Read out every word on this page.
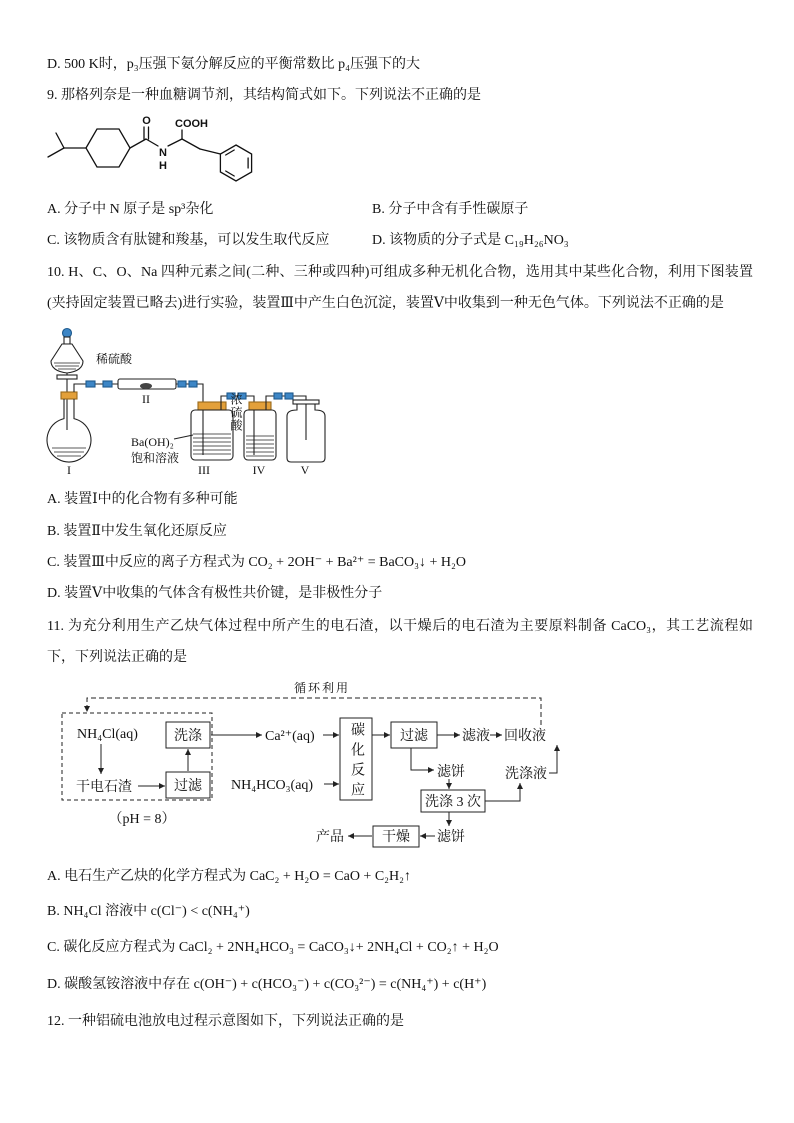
D. 500 K时，p₃压强下氨分解反应的平衡常数比 p₄压强下的大
9. 那格列奈是一种血糖调节剂，其结构简式如下。下列说法不正确的是
O
N
H
COOH
A. 分子中 N 原子是 sp³杂化	B. 分子中含有手性碳原子
C. 该物质含有肽键和羧基，可以发生取代反应	D. 该物质的分子式是 C₁₉H₂₆NO₃
10. H、C、O、Na 四种元素之间(二种、三种或四种)可组成多种无机化合物，选用其中某些化合物，利用下图装置(夹持固定装置已略去)进行实验，装置Ⅲ中产生白色沉淀，装置Ⅴ中收集到一种无色气体。下列说法不正确的是
稀硫酸
II
Ba(OH)₂
饱和溶液
I	III	IV	V
浓硫酸
A. 装置Ⅰ中的化合物有多种可能
B. 装置Ⅱ中发生氧化还原反应
C. 装置Ⅲ中反应的离子方程式为 CO₂ + 2OH⁻ + Ba²⁺ = BaCO₃↓ + H₂O
D. 装置Ⅴ中收集的气体含有极性共价键，是非极性分子
11. 为充分利用生产乙炔气体过程中所产生的电石渣，以干燥后的电石渣为主要原料制备 CaCO₃，其工艺流程如下，下列说法正确的是
循环利用
NH₄Cl(aq)	洗涤
干电石渣	过滤
（pH = 8）
Ca²⁺(aq)
NH₄HCO₃(aq)
过滤 滤液 回收液
滤饼	洗涤液
洗涤 3 次
滤饼
干燥
产品
碳化反应
A. 电石生产乙炔的化学方程式为 CaC₂ + H₂O = CaO + C₂H₂↑
B. NH₄Cl 溶液中 c(Cl⁻) < c(NH₄⁺)
C. 碳化反应方程式为 CaCl₂ + 2NH₄HCO₃ = CaCO₃↓+ 2NH₄Cl + CO₂↑ + H₂O
D. 碳酸氢铵溶液中存在 c(OH⁻) + c(HCO₃⁻) + c(CO₃²⁻) = c(NH₄⁺) + c(H⁺)
12. 一种铝硫电池放电过程示意图如下，下列说法正确的是
